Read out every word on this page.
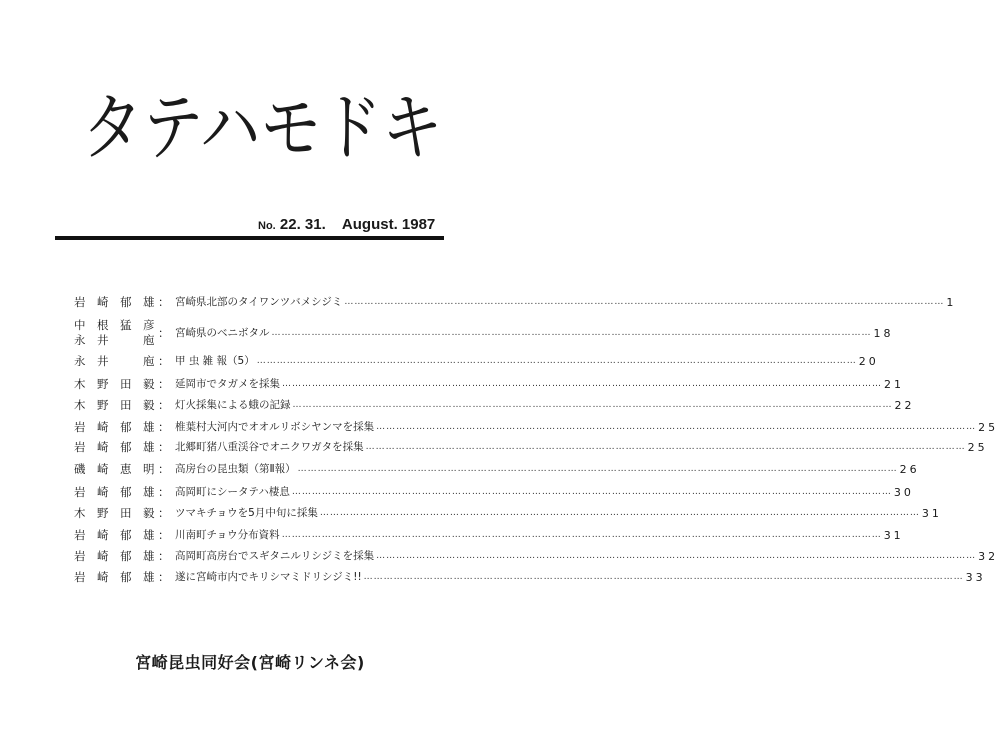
タテハモドキ
No. 22. 31. August. 1987
岩　崎　郁　雄 ： 宮崎県北部のタイワンツバメシジミ ……………………………………………………………………………………………………………………………………………………………… 1
中　根　猛　彦
永　井　　　庖 ： 宮崎県のベニボタル ……………………………………………………………………………………………………………………………………………………………… 18
永　井　　　庖 ： 甲 虫 雑 報（5） ……………………………………………………………………………………………………………………………………………………………… 20
木　野　田　毅 ： 延岡市でタガメを採集 ……………………………………………………………………………………………………………………………………………………………… 21
木　野　田　毅 ： 灯火採集による蛾の記録 ……………………………………………………………………………………………………………………………………………………………… 22
岩　崎　郁　雄 ： 椎葉村大河内でオオルリボシヤンマを採集 ……………………………………………………………………………………………………………………………………………………………… 25
岩　崎　郁　雄 ： 北郷町猪八重渓谷でオニクワガタを採集 ……………………………………………………………………………………………………………………………………………………………… 25
磯　崎　恵　明 ： 高房台の昆虫類（第Ⅱ報） ……………………………………………………………………………………………………………………………………………………………… 26
岩　崎　郁　雄 ： 高岡町にシータテハ棲息 ……………………………………………………………………………………………………………………………………………………………… 30
木　野　田　毅 ： ツマキチョウを5月中旬に採集 ……………………………………………………………………………………………………………………………………………………………… 31
岩　崎　郁　雄 ： 川南町チョウ分布資料 ……………………………………………………………………………………………………………………………………………………………… 31
岩　崎　郁　雄 ： 高岡町高房台でスギタニルリシジミを採集 ……………………………………………………………………………………………………………………………………………………………… 32
岩　崎　郁　雄 ： 遂に宮崎市内でキリシマミドリシジミ!! ……………………………………………………………………………………………………………………………………………………………… 33
宮崎昆虫同好会(宮崎リンネ会)
